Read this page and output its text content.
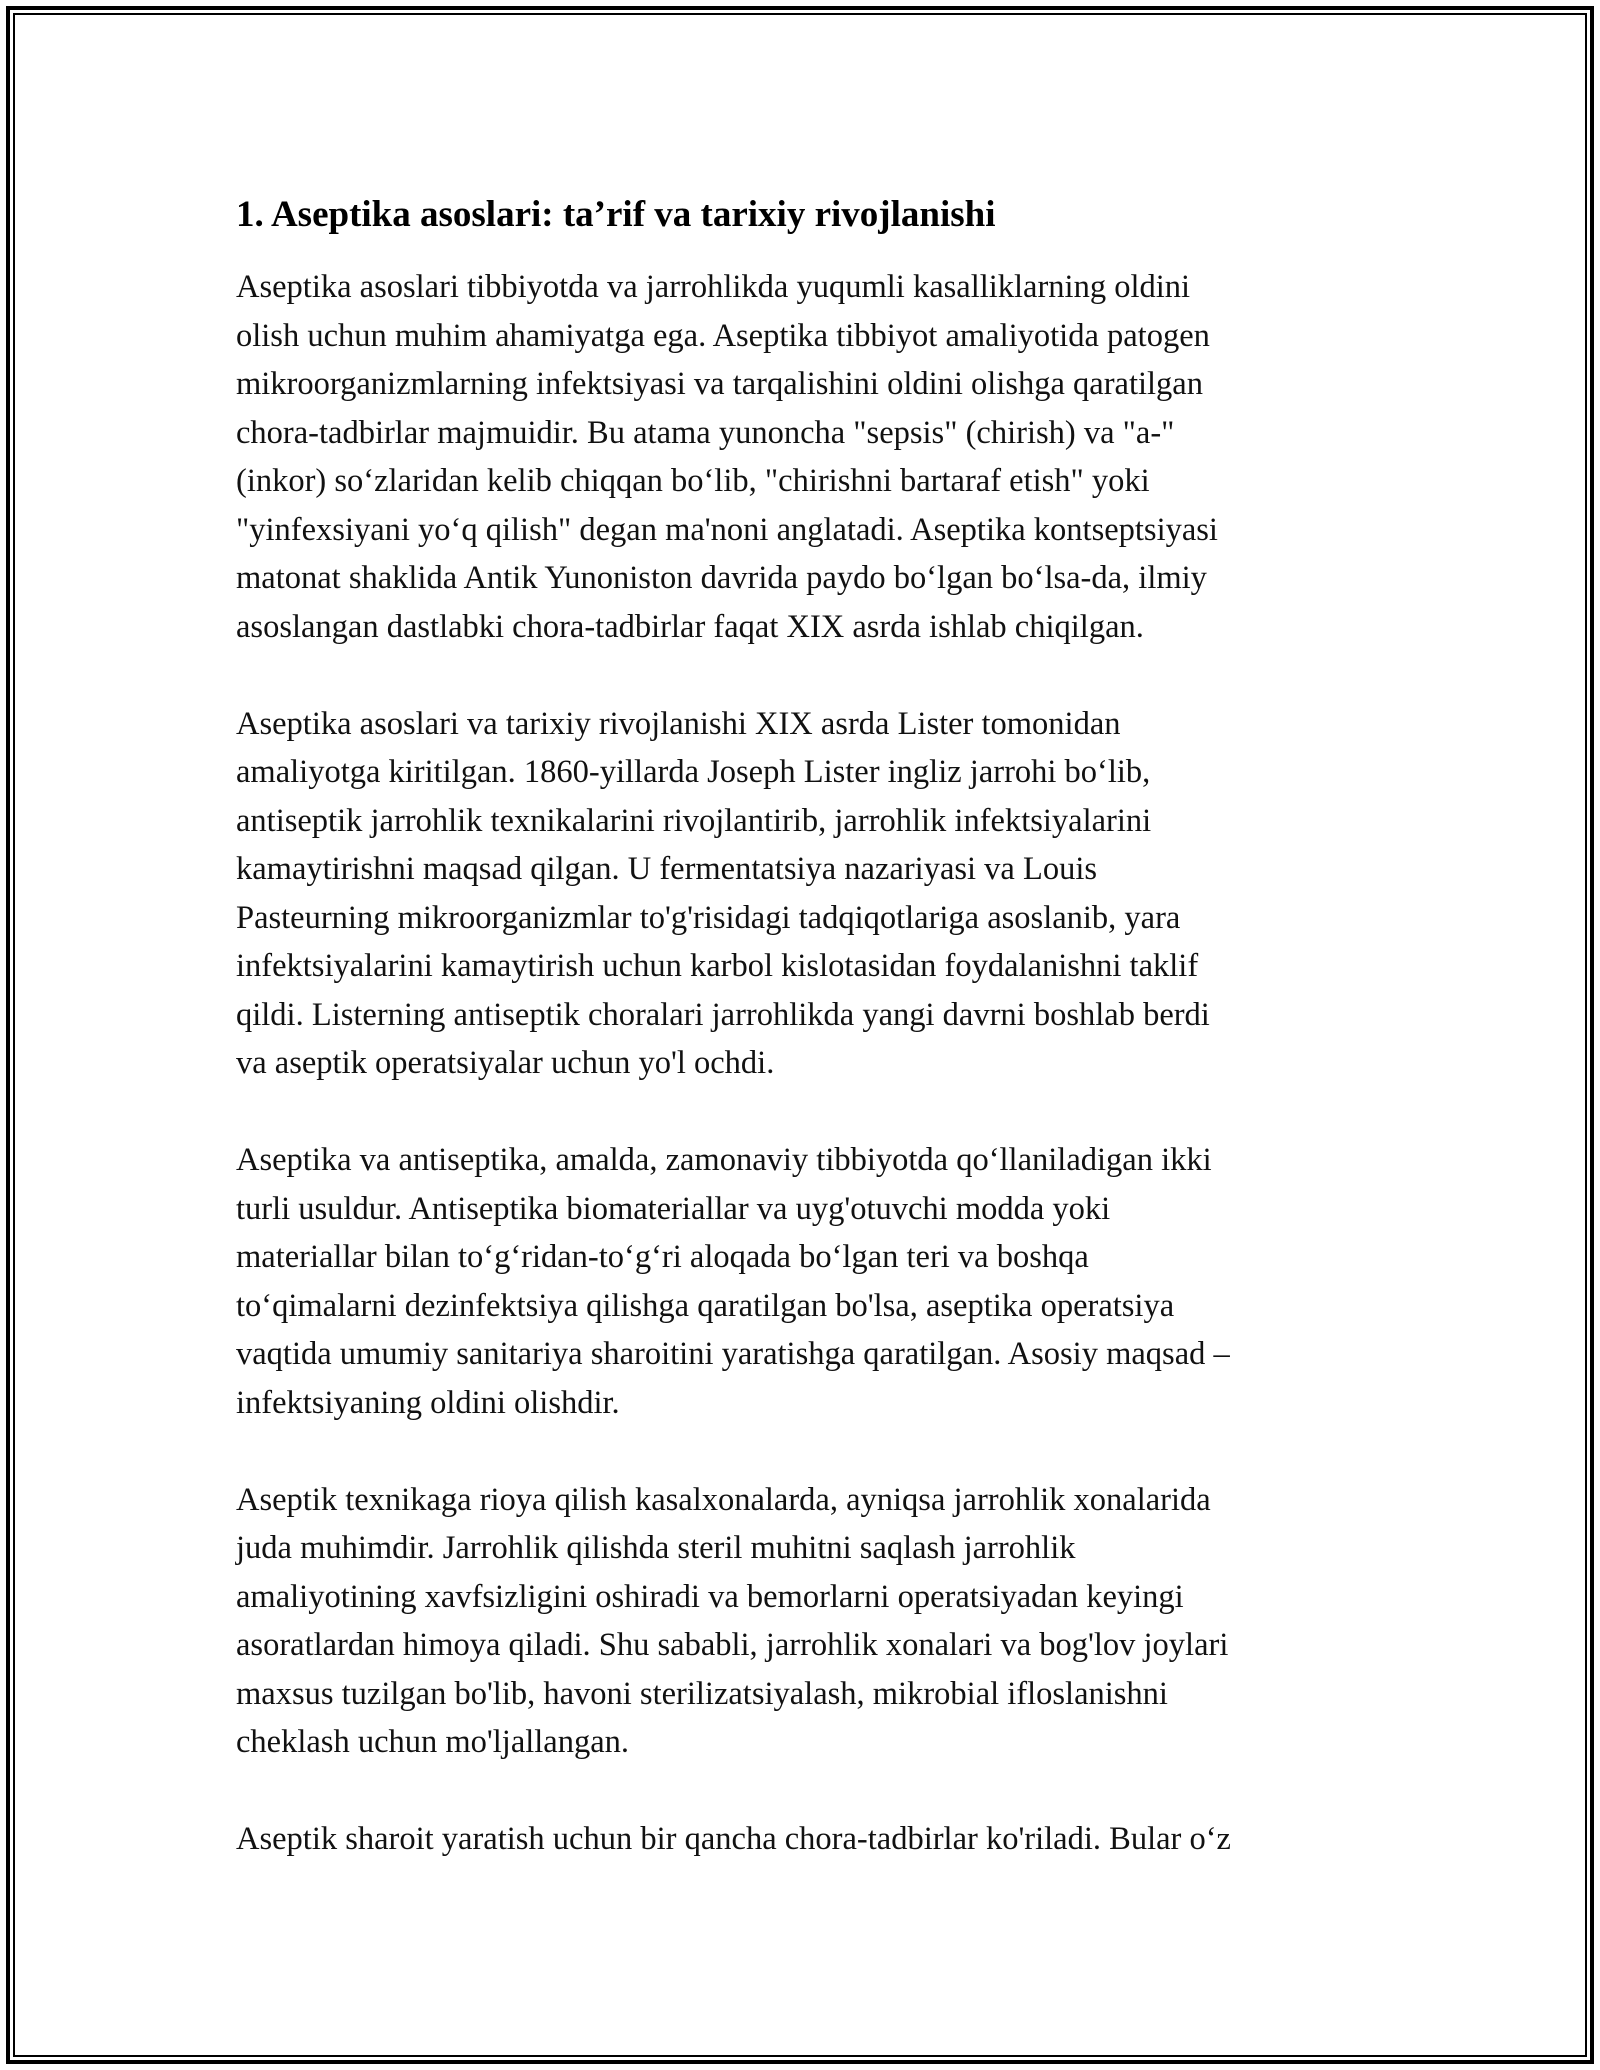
1. Aseptika asoslari: ta’rif va tarixiy rivojlanishi

Aseptika asoslari tibbiyotda va jarrohlikda yuqumli kasalliklarning oldini
olish uchun muhim ahamiyatga ega. Aseptika tibbiyot amaliyotida patogen
mikroorganizmlarning infektsiyasi va tarqalishini oldini olishga qaratilgan
chora-tadbirlar majmuidir. Bu atama yunoncha "sepsis" (chirish) va "a-"
(inkor) so‘zlaridan kelib chiqqan bo‘lib, "chirishni bartaraf etish" yoki
"yinfexsiyani yo‘q qilish" degan ma'noni anglatadi. Aseptika kontseptsiyasi
matonat shaklida Antik Yunoniston davrida paydo bo‘lgan bo‘lsa-da, ilmiy
asoslangan dastlabki chora-tadbirlar faqat XIX asrda ishlab chiqilgan.

Aseptika asoslari va tarixiy rivojlanishi XIX asrda Lister tomonidan
amaliyotga kiritilgan. 1860-yillarda Joseph Lister ingliz jarrohi bo‘lib,
antiseptik jarrohlik texnikalarini rivojlantirib, jarrohlik infektsiyalarini
kamaytirishni maqsad qilgan. U fermentatsiya nazariyasi va Louis
Pasteurning mikroorganizmlar to'g'risidagi tadqiqotlariga asoslanib, yara
infektsiyalarini kamaytirish uchun karbol kislotasidan foydalanishni taklif
qildi. Listerning antiseptik choralari jarrohlikda yangi davrni boshlab berdi
va aseptik operatsiyalar uchun yo'l ochdi.

Aseptika va antiseptika, amalda, zamonaviy tibbiyotda qo‘llaniladigan ikki
turli usuldur. Antiseptika biomateriallar va uyg'otuvchi modda yoki
materiallar bilan to‘g‘ridan-to‘g‘ri aloqada bo‘lgan teri va boshqa
to‘qimalarni dezinfektsiya qilishga qaratilgan bo'lsa, aseptika operatsiya
vaqtida umumiy sanitariya sharoitini yaratishga qaratilgan. Asosiy maqsad –
infektsiyaning oldini olishdir.

Aseptik texnikaga rioya qilish kasalxonalarda, ayniqsa jarrohlik xonalarida
juda muhimdir. Jarrohlik qilishda steril muhitni saqlash jarrohlik
amaliyotining xavfsizligini oshiradi va bemorlarni operatsiyadan keyingi
asoratlardan himoya qiladi. Shu sababli, jarrohlik xonalari va bog'lov joylari
maxsus tuzilgan bo'lib, havoni sterilizatsiyalash, mikrobial ifloslanishni
cheklash uchun mo'ljallangan.

Aseptik sharoit yaratish uchun bir qancha chora-tadbirlar ko'riladi. Bular o‘z
